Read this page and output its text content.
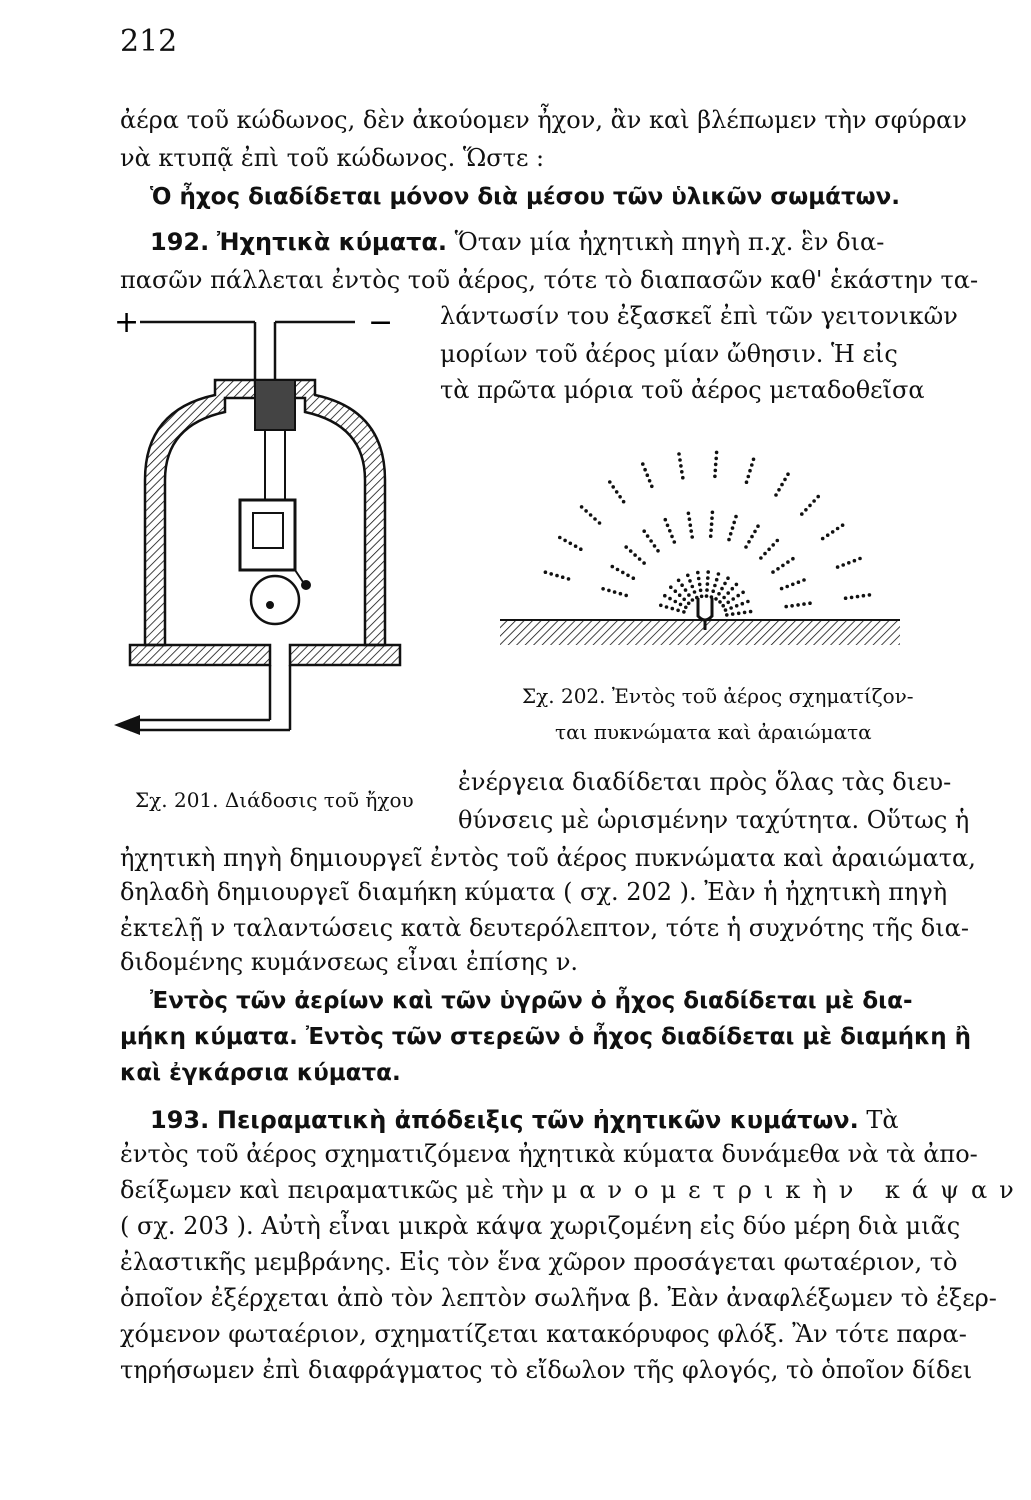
212
ἀέρα τοῦ κώδωνος, δὲν ἀκούομεν ἦχον, ἂν καὶ βλέπωμεν τὴν σφύραν
νὰ κτυπᾷ ἐπὶ τοῦ κώδωνος. Ὥστε :
Ὁ ἦχος διαδίδεται μόνον διὰ μέσου τῶν ὑλικῶν σωμάτων.
192. Ἠχητικὰ κύματα. Ὅταν μία ἠχητικὴ πηγὴ π.χ. ἓν δια-
πασῶν πάλλεται ἐντὸς τοῦ ἀέρος, τότε τὸ διαπασῶν καθ' ἑκάστην τα-
λάντωσίν του ἐξασκεῖ ἐπὶ τῶν γειτονικῶν
μορίων τοῦ ἀέρος μίαν ὤθησιν. Ἡ εἰς
τὰ πρῶτα μόρια τοῦ ἀέρος μεταδοθεῖσα
+	−
Σχ. 202. Ἐντὸς τοῦ ἀέρος σχηματίζον-
ται πυκνώματα καὶ ἀραιώματα
ἐνέργεια διαδίδεται πρὸς ὅλας τὰς διευ-
θύνσεις μὲ ὡρισμένην ταχύτητα. Οὕτως ἡ
Σχ. 201. Διάδοσις τοῦ ἤχου
ἠχητικὴ πηγὴ δημιουργεῖ ἐντὸς τοῦ ἀέρος πυκνώματα καὶ ἀραιώματα,
δηλαδὴ δημιουργεῖ διαμήκη κύματα ( σχ. 202 ). Ἐὰν ἡ ἠχητικὴ πηγὴ
ἐκτελῇ ν ταλαντώσεις κατὰ δευτερόλεπτον, τότε ἡ συχνότης τῆς δια-
διδομένης κυμάνσεως εἶναι ἐπίσης ν.
Ἐντὸς τῶν ἀερίων καὶ τῶν ὑγρῶν ὁ ἦχος διαδίδεται μὲ δια-
μήκη κύματα. Ἐντὸς τῶν στερεῶν ὁ ἦχος διαδίδεται μὲ διαμήκη ἢ
καὶ ἐγκάρσια κύματα.
193. Πειραματικὴ ἀπόδειξις τῶν ἠχητικῶν κυμάτων. Τὰ
ἐντὸς τοῦ ἀέρος σχηματιζόμενα ἠχητικὰ κύματα δυνάμεθα νὰ τὰ ἀπο-
δείξωμεν καὶ πειραματικῶς μὲ τὴν μανομετρικὴν κάψαν
( σχ. 203 ). Αὐτὴ εἶναι μικρὰ κάψα χωριζομένη εἰς δύο μέρη διὰ μιᾶς
ἐλαστικῆς μεμβράνης. Εἰς τὸν ἕνα χῶρον προσάγεται φωταέριον, τὸ
ὁποῖον ἐξέρχεται ἀπὸ τὸν λεπτὸν σωλῆνα β. Ἐὰν ἀναφλέξωμεν τὸ ἐξερ-
χόμενον φωταέριον, σχηματίζεται κατακόρυφος φλόξ. Ἂν τότε παρα-
τηρήσωμεν ἐπὶ διαφράγματος τὸ εἴδωλον τῆς φλογός, τὸ ὁποῖον δίδει
